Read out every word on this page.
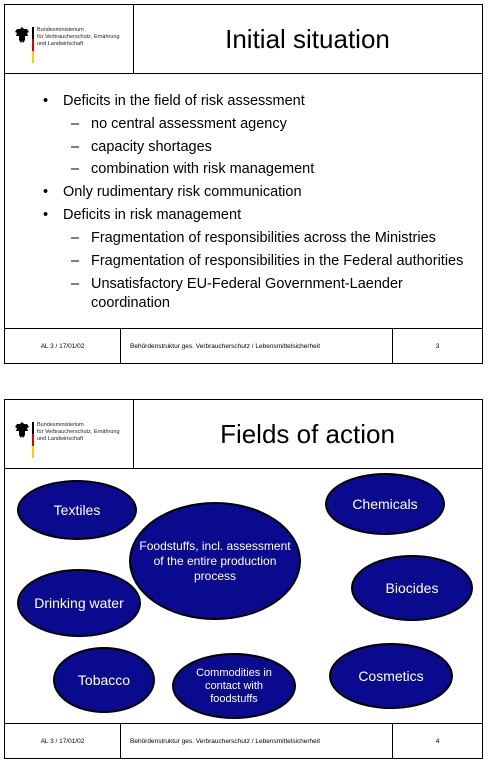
Bundesministerium
für Verbraucherschutz, Ernährung
und Landwirtschaft	Initial situation
• Deficits in the field of risk assessment
– no central assessment agency
– capacity shortages
– combination with risk management
• Only rudimentary risk communication
• Deficits in risk management
– Fragmentation of responsibilities across the Ministries
– Fragmentation of responsibilities in the Federal authorities
– Unsatisfactory EU-Federal Government-Laender coordination
AL 3 / 17/01/02	Behördenstruktur ges. Verbraucherschutz / Lebensmittelsicherheit	3
Bundesministerium
für Verbraucherschutz, Ernährung
und Landwirtschaft	Fields of action
Textiles
Foodstuffs, incl. assessment of the entire production process
Chemicals
Drinking water
Biocides
Tobacco	Commodities in contact with foodstuffs
Cosmetics
AL 3 / 17/01/02	Behördenstruktur ges. Verbraucherschutz / Lebensmittelsicherheit	4
